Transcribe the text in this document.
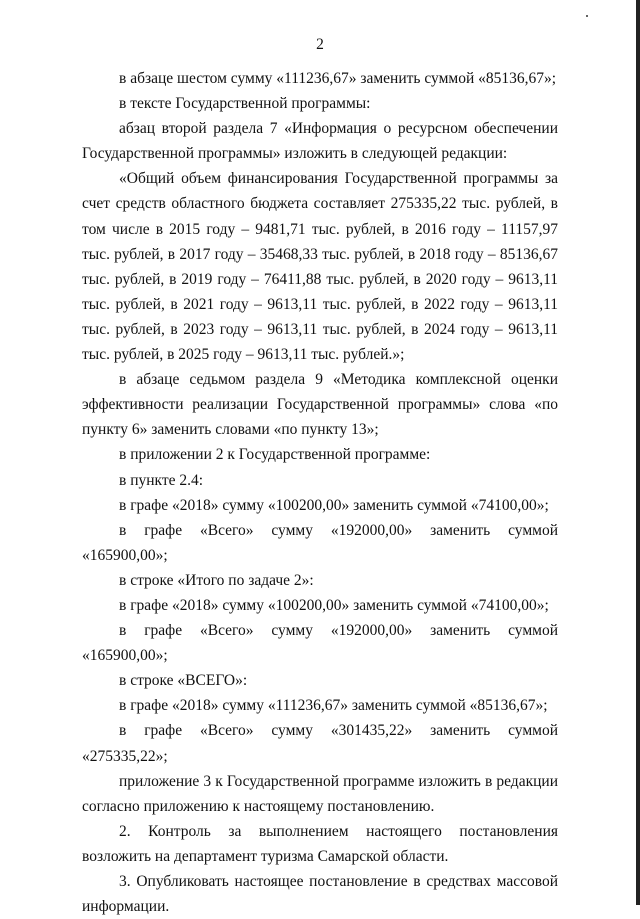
2

в абзаце шестом сумму «111236,67» заменить суммой «85136,67»;

в тексте Государственной программы:

абзац второй раздела 7 «Информация о ресурсном обеспечении Государственной программы» изложить в следующей редакции:

«Общий объем финансирования Государственной программы за счет средств областного бюджета составляет 275335,22 тыс. рублей, в том числе в 2015 году – 9481,71 тыс. рублей, в 2016 году – 11157,97 тыс. рублей, в 2017 году – 35468,33 тыс. рублей, в 2018 году – 85136,67 тыс. рублей, в 2019 году – 76411,88 тыс. рублей, в 2020 году – 9613,11 тыс. рублей, в 2021 году – 9613,11 тыс. рублей, в 2022 году – 9613,11 тыс. рублей, в 2023 году – 9613,11 тыс. рублей, в 2024 году – 9613,11 тыс. рублей, в 2025 году – 9613,11 тыс. рублей.»;

в абзаце седьмом раздела 9 «Методика комплексной оценки эффективности реализации Государственной программы» слова «по пункту 6» заменить словами «по пункту 13»;

в приложении 2 к Государственной программе:

в пункте 2.4:

в графе «2018» сумму «100200,00» заменить суммой «74100,00»;

в графе «Всего» сумму «192000,00» заменить суммой «165900,00»;

в строке «Итого по задаче 2»:

в графе «2018» сумму «100200,00» заменить суммой «74100,00»;

в графе «Всего» сумму «192000,00» заменить суммой «165900,00»;

в строке «ВСЕГО»:

в графе «2018» сумму «111236,67» заменить суммой «85136,67»;

в графе «Всего» сумму «301435,22» заменить суммой «275335,22»;

приложение 3 к Государственной программе изложить в редакции согласно приложению к настоящему постановлению.

2. Контроль за выполнением настоящего постановления возложить на департамент туризма Самарской области.

3. Опубликовать настоящее постановление в средствах массовой информации.
